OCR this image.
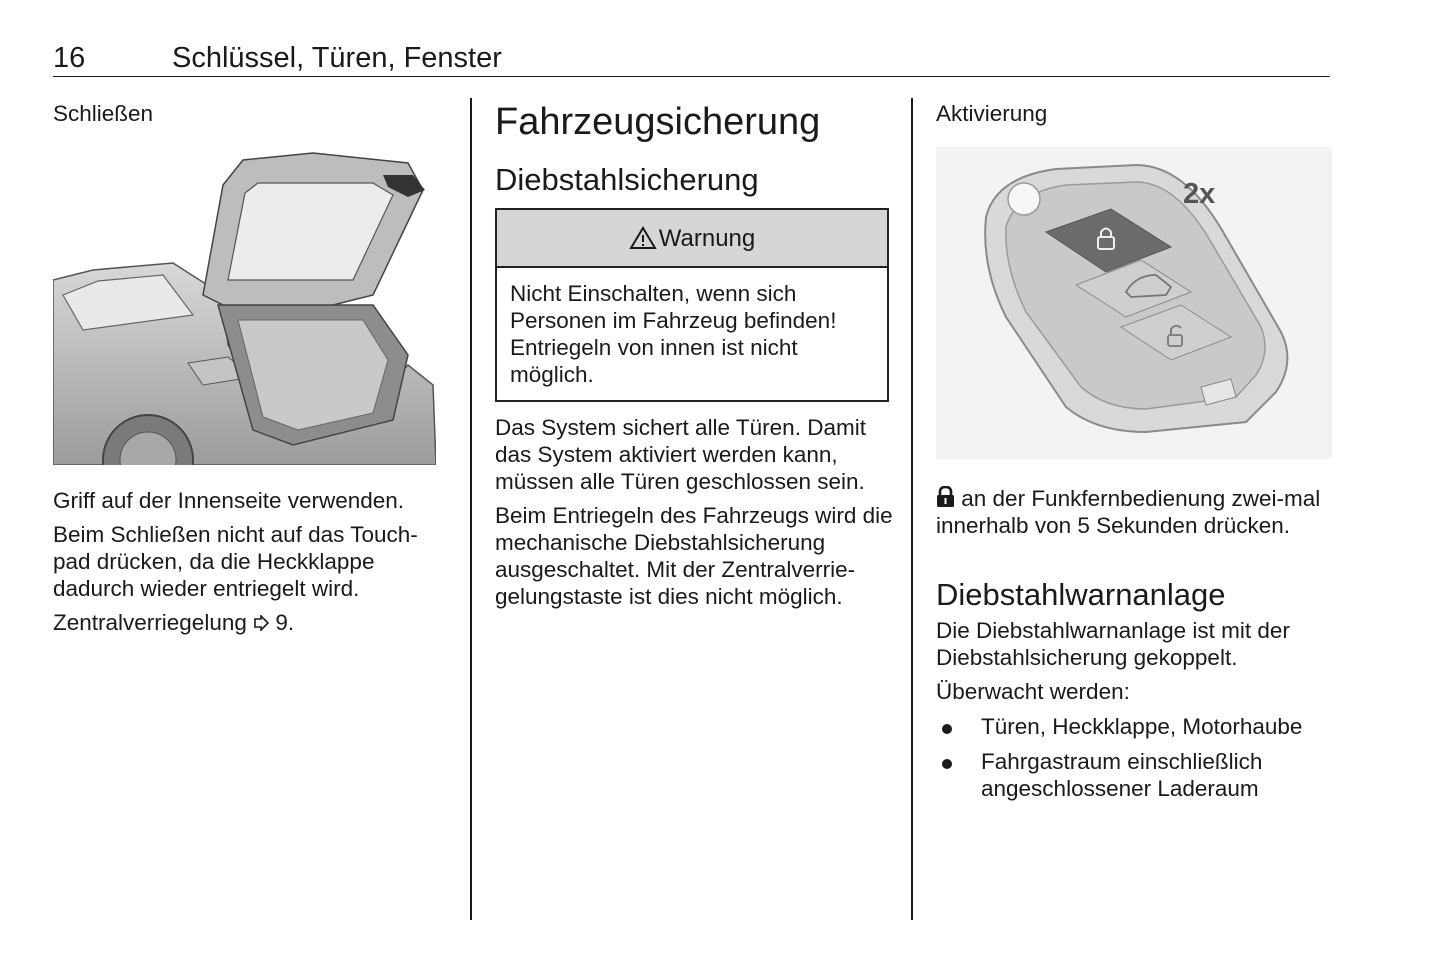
16	Schlüssel, Türen, Fenster
Schließen

Griff auf der Innenseite verwenden.

Beim Schließen nicht auf das Touch-pad drücken, da die Heckklappe dadurch wieder entriegelt wird.

Zentralverriegelung 9.

Fahrzeugsicherung
Diebstahlsicherung
Warnung
Nicht Einschalten, wenn sich Personen im Fahrzeug befinden! Entriegeln von innen ist nicht möglich.

Das System sichert alle Türen. Damit das System aktiviert werden kann, müssen alle Türen geschlossen sein.

Beim Entriegeln des Fahrzeugs wird die mechanische Diebstahlsicherung ausgeschaltet. Mit der Zentralverrie-gelungstaste ist dies nicht möglich.

Aktivierung
2x

an der Funkfernbedienung zwei-mal innerhalb von 5 Sekunden drücken.

Diebstahlwarnanlage

Die Diebstahlwarnanlage ist mit der Diebstahlsicherung gekoppelt.

Überwacht werden:

Türen, Heckklappe, Motorhaube
Fahrgastraum einschließlich angeschlossener Laderaum
